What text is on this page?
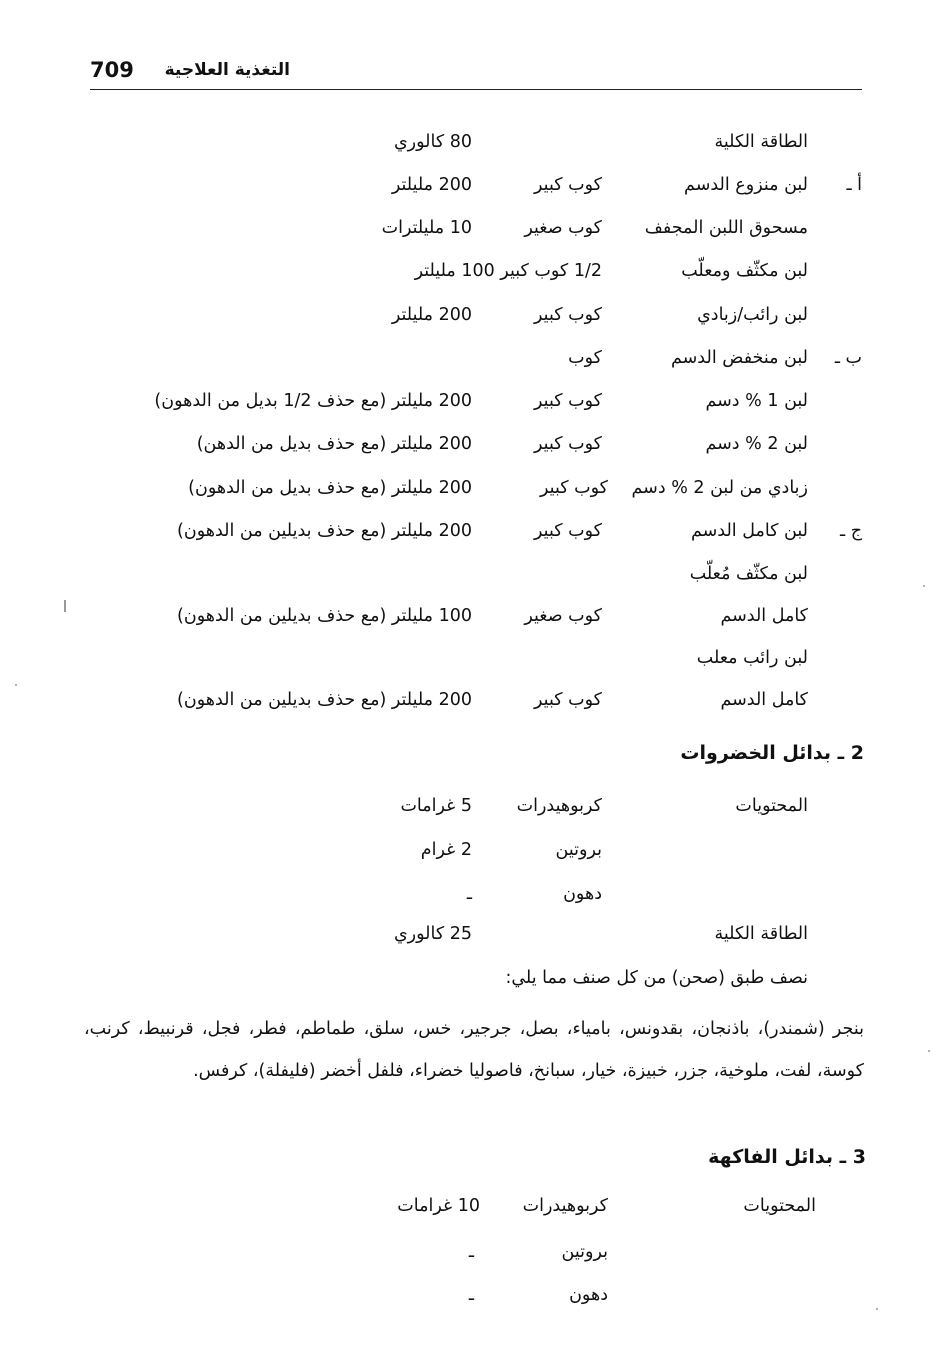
709	التغذية العلاجية
الطاقة الكلية
80 كالوري
أ ـ
لبن منزوع الدسم
كوب كبير
200 مليلتر
مسحوق اللبن المجفف
كوب صغير
10 مليلترات
لبن مكثّف ومعلّب
1/2 كوب كبير 100 مليلتر
لبن رائب/زبادي
كوب كبير
200 مليلتر
ب ـ
لبن منخفض الدسم
كوب
لبن 1 % دسم
كوب كبير
200 مليلتر (مع حذف 1/2 بديل من الدهون)
لبن 2 % دسم
كوب كبير
200 مليلتر (مع حذف بديل من الدهن)
زبادي من لبن 2 % دسم
كوب كبير
200 مليلتر (مع حذف بديل من الدهون)
ج ـ
لبن كامل الدسم
كوب كبير
200 مليلتر (مع حذف بديلين من الدهون)
لبن مكثّف مُعلّب
كامل الدسم
كوب صغير
100 مليلتر (مع حذف بديلين من الدهون)
لبن رائب معلب
كامل الدسم
كوب كبير
200 مليلتر (مع حذف بديلين من الدهون)
2 ـ بدائل الخضروات
المحتويات
كربوهيدرات
5 غرامات
بروتين
2 غرام
دهون
ـ
الطاقة الكلية
25 كالوري
نصف طبق (صحن) من كل صنف مما يلي:
بنجر (شمندر)، باذنجان، بقدونس، بامياء، بصل، جرجير، خس، سلق، طماطم، فطر، فجل، قرنبيط، كرنب، كوسة، لفت، ملوخية، جزر، خبيزة، خيار، سبانخ، فاصوليا خضراء، فلفل أخضر (فليفلة)، كرفس.
3 ـ بدائل الفاكهة
المحتويات
كربوهيدرات
10 غرامات
بروتين
ـ
دهون
ـ
